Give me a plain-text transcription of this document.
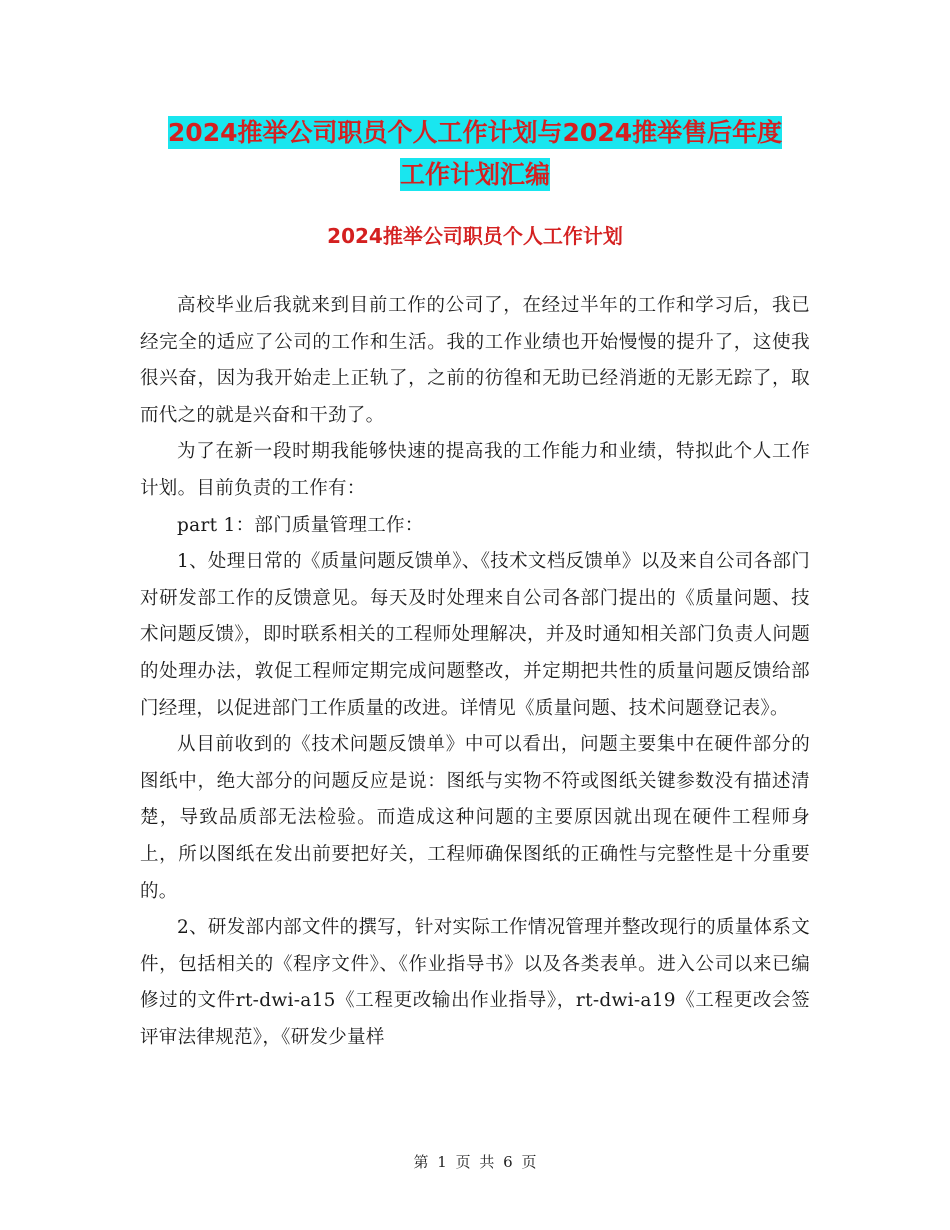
2024推举公司职员个人工作计划与2024推举售后年度
工作计划汇编
2024推举公司职员个人工作计划

高校毕业后我就来到目前工作的公司了，在经过半年的工作和学习后，我已经完全的适应了公司的工作和生活。我的工作业绩也开始慢慢的提升了，这使我很兴奋，因为我开始走上正轨了，之前的彷徨和无助已经消逝的无影无踪了，取而代之的就是兴奋和干劲了。

为了在新一段时期我能够快速的提高我的工作能力和业绩，特拟此个人工作计划。目前负责的工作有：

part 1：部门质量管理工作：

1、处理日常的《质量问题反馈单》、《技术文档反馈单》以及来自公司各部门对研发部工作的反馈意见。每天及时处理来自公司各部门提出的《质量问题、技术问题反馈》，即时联系相关的工程师处理解决，并及时通知相关部门负责人问题的处理办法，敦促工程师定期完成问题整改，并定期把共性的质量问题反馈给部门经理，以促进部门工作质量的改进。详情见《质量问题、技术问题登记表》。

从目前收到的《技术问题反馈单》中可以看出，问题主要集中在硬件部分的图纸中，绝大部分的问题反应是说：图纸与实物不符或图纸关键参数没有描述清楚，导致品质部无法检验。而造成这种问题的主要原因就出现在硬件工程师身上，所以图纸在发出前要把好关，工程师确保图纸的正确性与完整性是十分重要的。

2、研发部内部文件的撰写，针对实际工作情况管理并整改现行的质量体系文件，包括相关的《程序文件》、《作业指导书》以及各类表单。进入公司以来已编修过的文件rt-dwi-a15《工程更改输出作业指导》，rt-dwi-a19《工程更改会签评审法律规范》，《研发少量样

第 1 页 共 6 页
